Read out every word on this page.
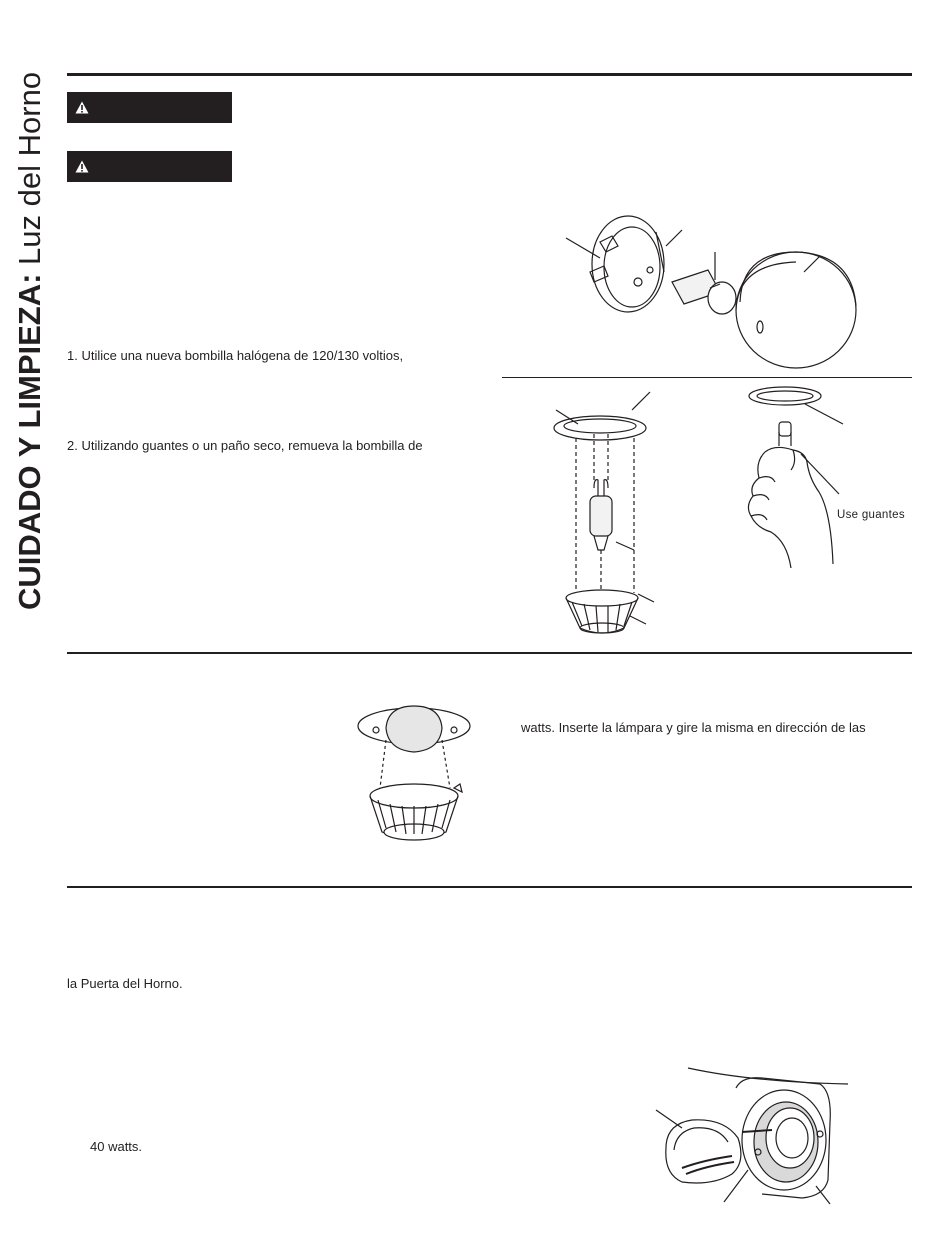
CUIDADO Y LIMPIEZA: Luz del Horno
1. Utilice una nueva bombilla halógena de 120/130 voltios,
2. Utilizando guantes o un paño seco, remueva la bombilla de
watts. Inserte la lámpara y gire la misma en dirección de las
la Puerta del Horno.
40 watts.
Use guantes
